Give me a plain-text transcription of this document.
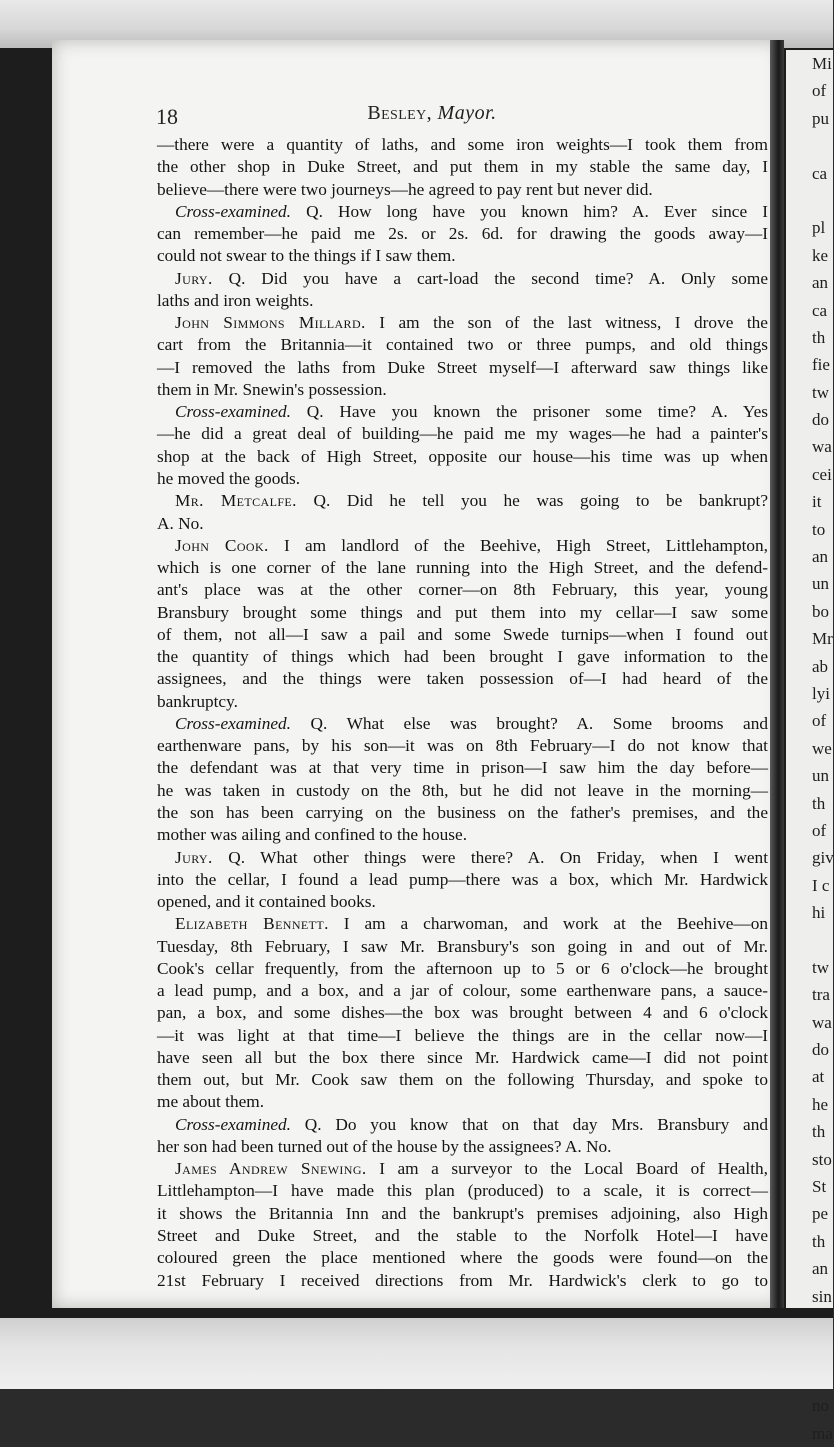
Mi
of
pu
ca
pl
ke
an
ca
th
fie
tw
do
wa
cei
it
to
an
un
bo
Mr
ab
lyi
of
we
un
th
of
giv
I c
hi
tw
tra
wa
do
at
he
th
sto
St
pe
th
an
sin
no
ma
18	Besley, Mayor.
—there were a quantity of laths, and some iron weights—I took them from
the other shop in Duke Street, and put them in my stable the same day, I
believe—there were two journeys—he agreed to pay rent but never did.
Cross-examined. Q. How long have you known him? A. Ever since I
can remember—he paid me 2s. or 2s. 6d. for drawing the goods away—I
could not swear to the things if I saw them.
Jury. Q. Did you have a cart-load the second time? A. Only some
laths and iron weights.
John Simmons Millard. I am the son of the last witness, I drove the
cart from the Britannia—it contained two or three pumps, and old things
—I removed the laths from Duke Street myself—I afterward saw things like
them in Mr. Snewin's possession.
Cross-examined. Q. Have you known the prisoner some time? A. Yes
—he did a great deal of building—he paid me my wages—he had a painter's
shop at the back of High Street, opposite our house—his time was up when
he moved the goods.
Mr. Metcalfe. Q. Did he tell you he was going to be bankrupt?
A. No.
John Cook. I am landlord of the Beehive, High Street, Littlehampton,
which is one corner of the lane running into the High Street, and the defend-
ant's place was at the other corner—on 8th February, this year, young
Bransbury brought some things and put them into my cellar—I saw some
of them, not all—I saw a pail and some Swede turnips—when I found out
the quantity of things which had been brought I gave information to the
assignees, and the things were taken possession of—I had heard of the
bankruptcy.
Cross-examined. Q. What else was brought? A. Some brooms and
earthenware pans, by his son—it was on 8th February—I do not know that
the defendant was at that very time in prison—I saw him the day before—
he was taken in custody on the 8th, but he did not leave in the morning—
the son has been carrying on the business on the father's premises, and the
mother was ailing and confined to the house.
Jury. Q. What other things were there? A. On Friday, when I went
into the cellar, I found a lead pump—there was a box, which Mr. Hardwick
opened, and it contained books.
Elizabeth Bennett. I am a charwoman, and work at the Beehive—on
Tuesday, 8th February, I saw Mr. Bransbury's son going in and out of Mr.
Cook's cellar frequently, from the afternoon up to 5 or 6 o'clock—he brought
a lead pump, and a box, and a jar of colour, some earthenware pans, a sauce-
pan, a box, and some dishes—the box was brought between 4 and 6 o'clock
—it was light at that time—I believe the things are in the cellar now—I
have seen all but the box there since Mr. Hardwick came—I did not point
them out, but Mr. Cook saw them on the following Thursday, and spoke to
me about them.
Cross-examined. Q. Do you know that on that day Mrs. Bransbury and
her son had been turned out of the house by the assignees? A. No.
James Andrew Snewing. I am a surveyor to the Local Board of Health,
Littlehampton—I have made this plan (produced) to a scale, it is correct—
it shows the Britannia Inn and the bankrupt's premises adjoining, also High
Street and Duke Street, and the stable to the Norfolk Hotel—I have
coloured green the place mentioned where the goods were found—on the
21st February I received directions from Mr. Hardwick's clerk to go to
